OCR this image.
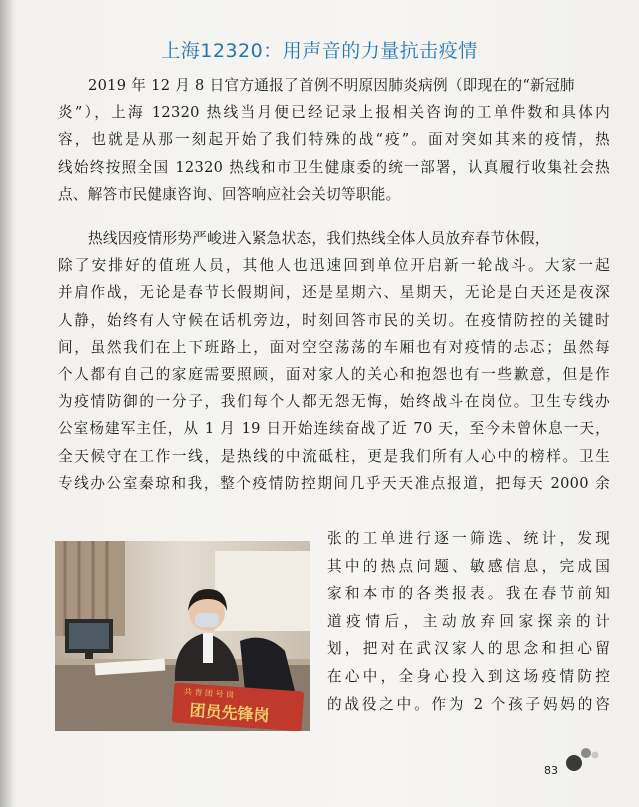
上海12320：用声音的力量抗击疫情

2019 年 12 月 8 日官方通报了首例不明原因肺炎病例（即现在的“新冠肺
炎”），上海 12320 热线当月便已经记录上报相关咨询的工单件数和具体内
容，也就是从那一刻起开始了我们特殊的战“疫”。面对突如其来的疫情，热
线始终按照全国 12320 热线和市卫生健康委的统一部署，认真履行收集社会热
点、解答市民健康咨询、回答响应社会关切等职能。

热线因疫情形势严峻进入紧急状态，我们热线全体人员放弃春节休假，
除了安排好的值班人员，其他人也迅速回到单位开启新一轮战斗。大家一起
并肩作战，无论是春节长假期间，还是星期六、星期天，无论是白天还是夜深
人静，始终有人守候在话机旁边，时刻回答市民的关切。在疫情防控的关键时
间，虽然我们在上下班路上，面对空空荡荡的车厢也有对疫情的忐忑；虽然每
个人都有自己的家庭需要照顾，面对家人的关心和抱怨也有一些歉意，但是作
为疫情防御的一分子，我们每个人都无怨无悔，始终战斗在岗位。卫生专线办
公室杨建军主任，从 1 月 19 日开始连续奋战了近 70 天，至今未曾休息一天，
全天候守在工作一线，是热线的中流砥柱，更是我们所有人心中的榜样。卫生
专线办公室秦琼和我，整个疫情防控期间几乎天天准点报道，把每天 2000 余

张的工单进行逐一筛选、统计，发现
其中的热点问题、敏感信息，完成国
家和本市的各类报表。我在春节前知
道疫情后，主动放弃回家探亲的计
划，把对在武汉家人的思念和担心留
在心中，全身心投入到这场疫情防控
的战役之中。作为 2 个孩子妈妈的咨
共 青 团 号 岗
团员先锋岗
83
